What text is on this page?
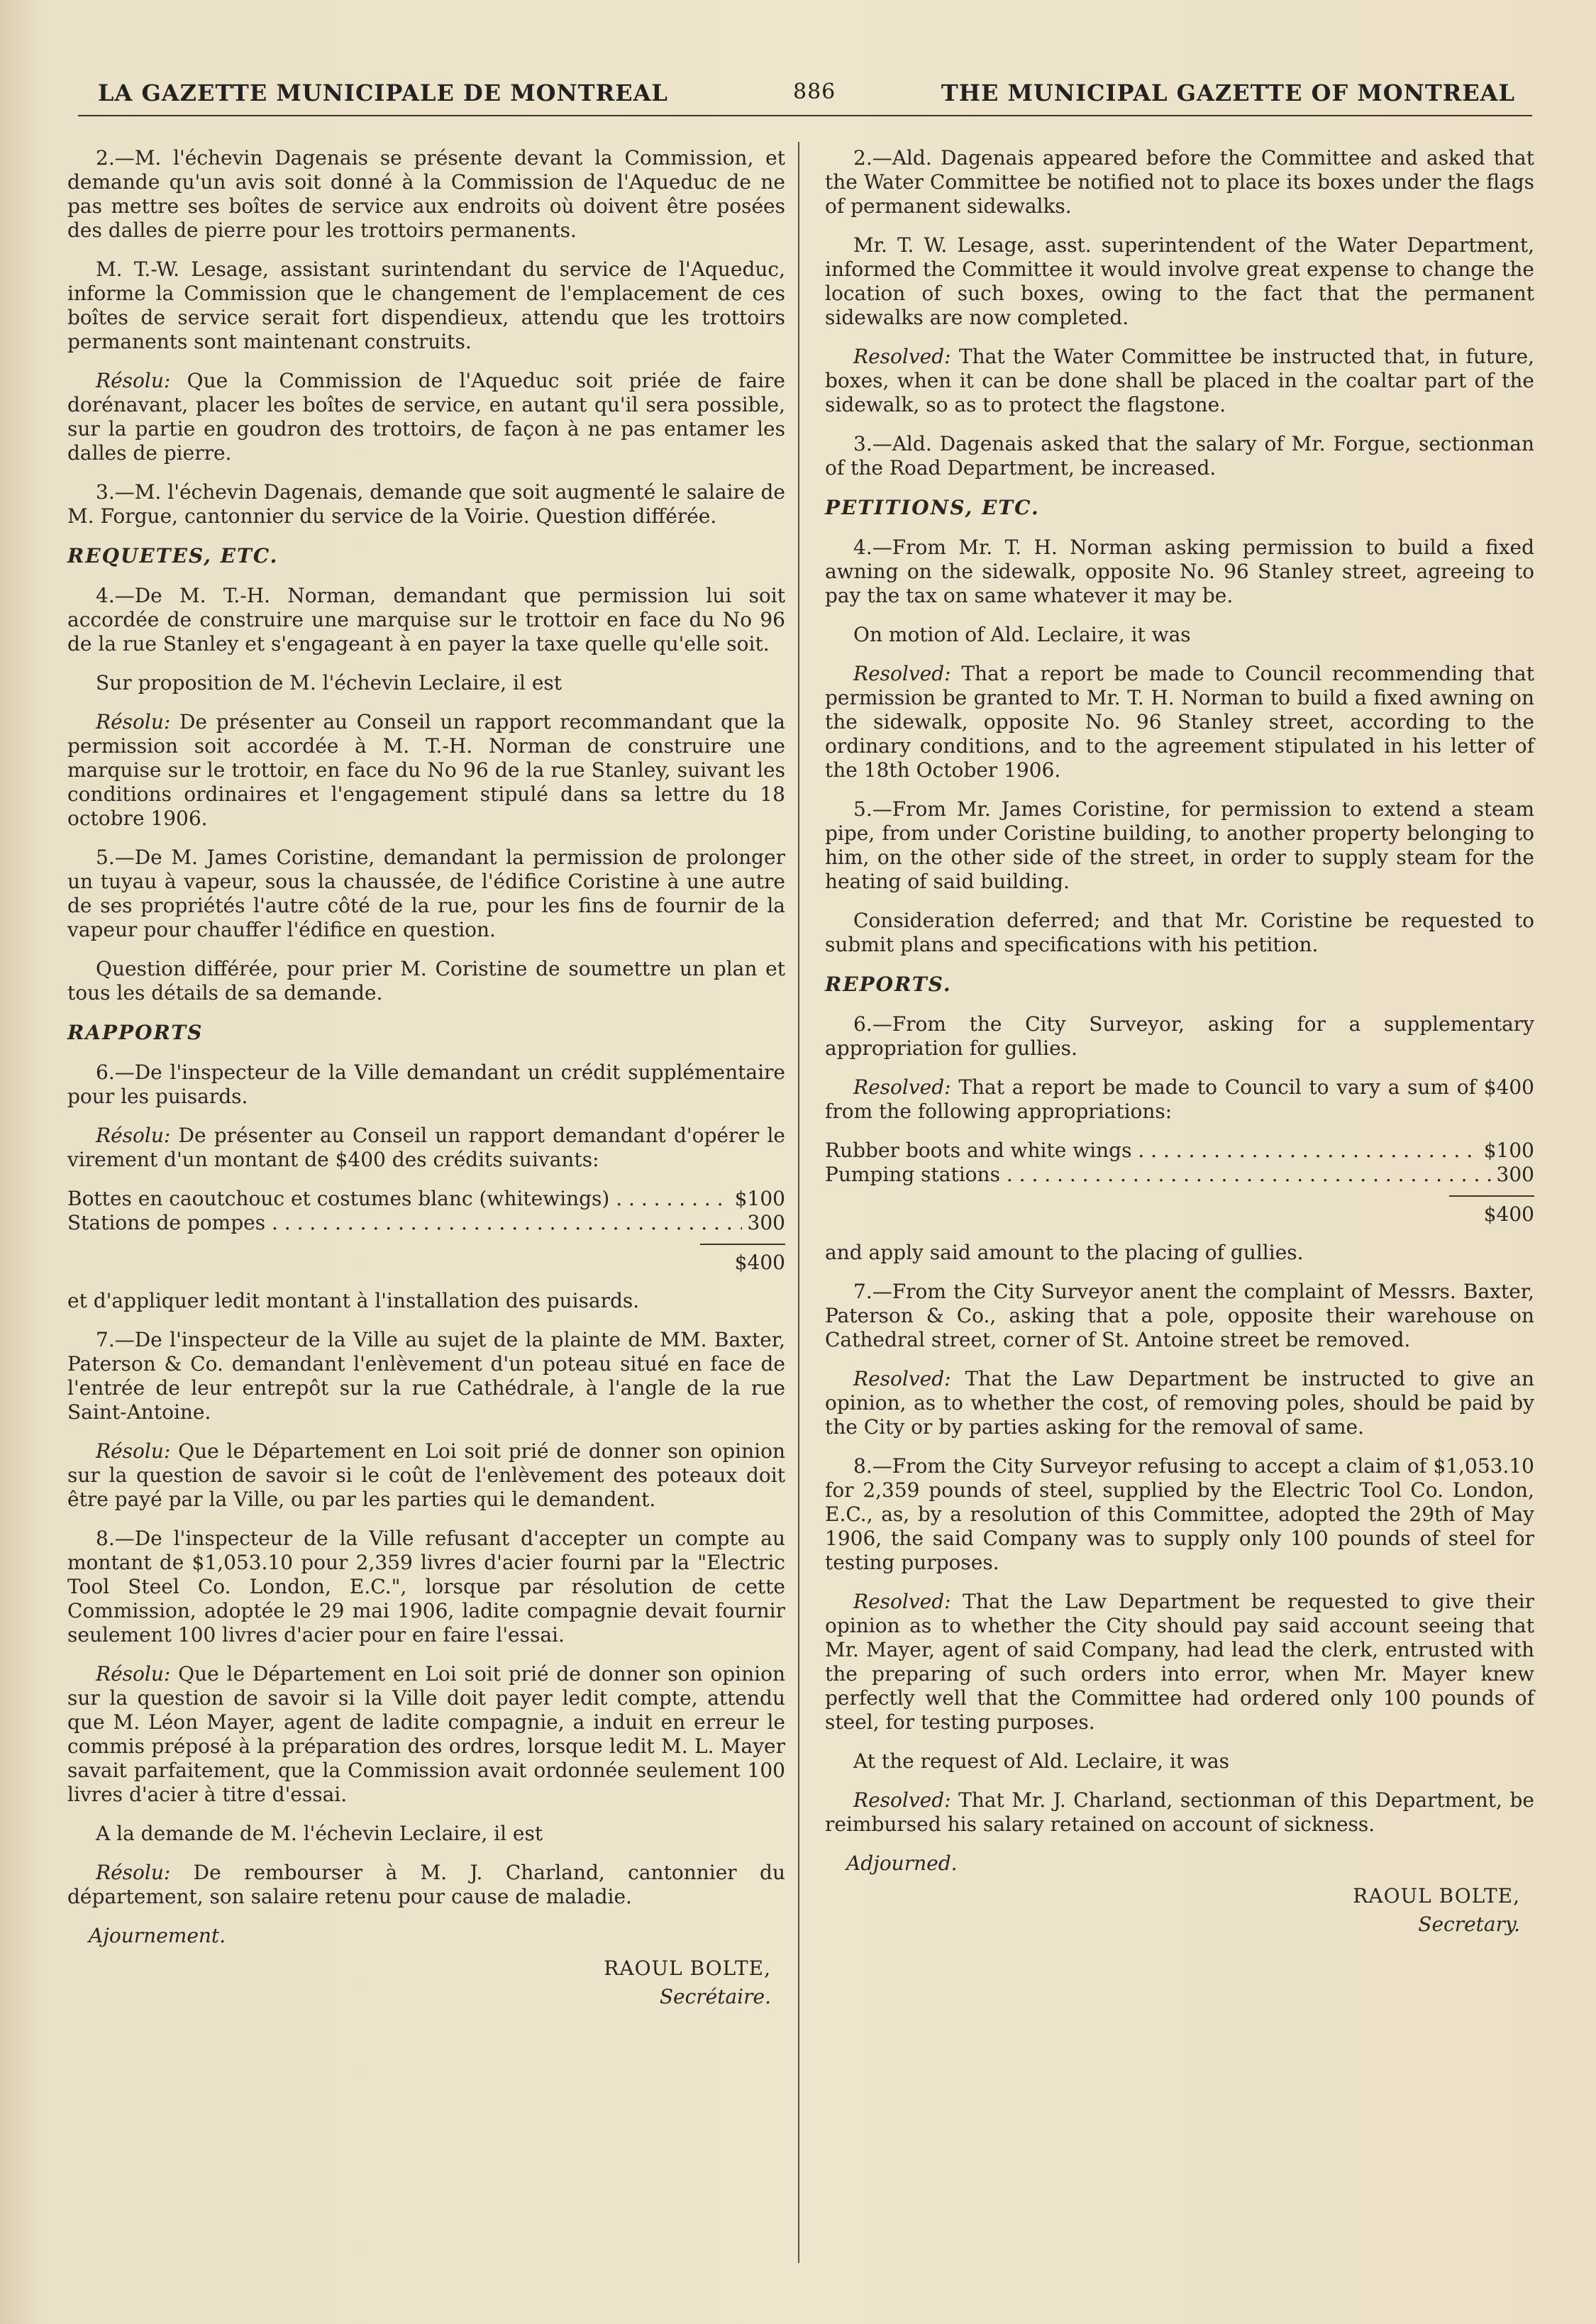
LA GAZETTE MUNICIPALE DE MONTREAL	886	THE MUNICIPAL GAZETTE OF MONTREAL

2.—M. l'échevin Dagenais se présente devant la Commission, et demande qu'un avis soit donné à la Commission de l'Aqueduc de ne pas mettre ses boîtes de service aux endroits où doivent être posées des dalles de pierre pour les trottoirs permanents.

M. T.-W. Lesage, assistant surintendant du service de l'Aqueduc, informe la Commission que le changement de l'emplacement de ces boîtes de service serait fort dispendieux, attendu que les trottoirs permanents sont maintenant construits.

Résolu: Que la Commission de l'Aqueduc soit priée de faire dorénavant, placer les boîtes de service, en autant qu'il sera possible, sur la partie en goudron des trottoirs, de façon à ne pas entamer les dalles de pierre.

3.—M. l'échevin Dagenais, demande que soit augmenté le salaire de M. Forgue, cantonnier du service de la Voirie. Question différée.

REQUETES, ETC.

4.—De M. T.-H. Norman, demandant que permission lui soit accordée de construire une marquise sur le trottoir en face du No 96 de la rue Stanley et s'engageant à en payer la taxe quelle qu'elle soit.

Sur proposition de M. l'échevin Leclaire, il est

Résolu: De présenter au Conseil un rapport recommandant que la permission soit accordée à M. T.-H. Norman de construire une marquise sur le trottoir, en face du No 96 de la rue Stanley, suivant les conditions ordinaires et l'engagement stipulé dans sa lettre du 18 octobre 1906.

5.—De M. James Coristine, demandant la permission de prolonger un tuyau à vapeur, sous la chaussée, de l'édifice Coristine à une autre de ses propriétés l'autre côté de la rue, pour les fins de fournir de la vapeur pour chauffer l'édifice en question.

Question différée, pour prier M. Coristine de soumettre un plan et tous les détails de sa demande.

RAPPORTS

6.—De l'inspecteur de la Ville demandant un crédit supplémentaire pour les puisards.

Résolu: De présenter au Conseil un rapport demandant d'opérer le virement d'un montant de $400 des crédits suivants:

Bottes en caoutchouc et costumes blanc (whitewings) . . .	$100
Stations de pompes . . .	300
$400

et d'appliquer ledit montant à l'installation des puisards.

7.—De l'inspecteur de la Ville au sujet de la plainte de MM. Baxter, Paterson & Co. demandant l'enlèvement d'un poteau situé en face de l'entrée de leur entrepôt sur la rue Cathédrale, à l'angle de la rue Saint-Antoine.

Résolu: Que le Département en Loi soit prié de donner son opinion sur la question de savoir si le coût de l'enlèvement des poteaux doit être payé par la Ville, ou par les parties qui le demandent.

8.—De l'inspecteur de la Ville refusant d'accepter un compte au montant de $1,053.10 pour 2,359 livres d'acier fourni par la "Electric Tool Steel Co. London, E.C.", lorsque par résolution de cette Commission, adoptée le 29 mai 1906, ladite compagnie devait fournir seulement 100 livres d'acier pour en faire l'essai.

Résolu: Que le Département en Loi soit prié de donner son opinion sur la question de savoir si la Ville doit payer ledit compte, attendu que M. Léon Mayer, agent de ladite compagnie, a induit en erreur le commis préposé à la préparation des ordres, lorsque ledit M. L. Mayer savait parfaitement, que la Commission avait ordonnée seulement 100 livres d'acier à titre d'essai.

A la demande de M. l'échevin Leclaire, il est

Résolu: De rembourser à M. J. Charland, cantonnier du département, son salaire retenu pour cause de maladie.

Ajournement.
RAOUL BOLTE,
Secrétaire.

2.—Ald. Dagenais appeared before the Committee and asked that the Water Committee be notified not to place its boxes under the flags of permanent sidewalks.

Mr. T. W. Lesage, asst. superintendent of the Water Department, informed the Committee it would involve great expense to change the location of such boxes, owing to the fact that the permanent sidewalks are now completed.

Resolved: That the Water Committee be instructed that, in future, boxes, when it can be done shall be placed in the coaltar part of the sidewalk, so as to protect the flagstone.

3.—Ald. Dagenais asked that the salary of Mr. Forgue, sectionman of the Road Department, be increased.

PETITIONS, ETC.

4.—From Mr. T. H. Norman asking permission to build a fixed awning on the sidewalk, opposite No. 96 Stanley street, agreeing to pay the tax on same whatever it may be.

On motion of Ald. Leclaire, it was

Resolved: That a report be made to Council recommending that permission be granted to Mr. T. H. Norman to build a fixed awning on the sidewalk, opposite No. 96 Stanley street, according to the ordinary conditions, and to the agreement stipulated in his letter of the 18th October 1906.

5.—From Mr. James Coristine, for permission to extend a steam pipe, from under Coristine building, to another property belonging to him, on the other side of the street, in order to supply steam for the heating of said building.

Consideration deferred; and that Mr. Coristine be requested to submit plans and specifications with his petition.

REPORTS.

6.—From the City Surveyor, asking for a supplementary appropriation for gullies.

Resolved: That a report be made to Council to vary a sum of $400 from the following appropriations:

Rubber boots and white wings . . .	$100
Pumping stations . . .	300
$400

and apply said amount to the placing of gullies.

7.—From the City Surveyor anent the complaint of Messrs. Baxter, Paterson & Co., asking that a pole, opposite their warehouse on Cathedral street, corner of St. Antoine street be removed.

Resolved: That the Law Department be instructed to give an opinion, as to whether the cost, of removing poles, should be paid by the City or by parties asking for the removal of same.

8.—From the City Surveyor refusing to accept a claim of $1,053.10 for 2,359 pounds of steel, supplied by the Electric Tool Co. London, E.C., as, by a resolution of this Committee, adopted the 29th of May 1906, the said Company was to supply only 100 pounds of steel for testing purposes.

Resolved: That the Law Department be requested to give their opinion as to whether the City should pay said account seeing that Mr. Mayer, agent of said Company, had lead the clerk, entrusted with the preparing of such orders into error, when Mr. Mayer knew perfectly well that the Committee had ordered only 100 pounds of steel, for testing purposes.

At the request of Ald. Leclaire, it was

Resolved: That Mr. J. Charland, sectionman of this Department, be reimbursed his salary retained on account of sickness.

Adjourned.
RAOUL BOLTE,
Secretary.
